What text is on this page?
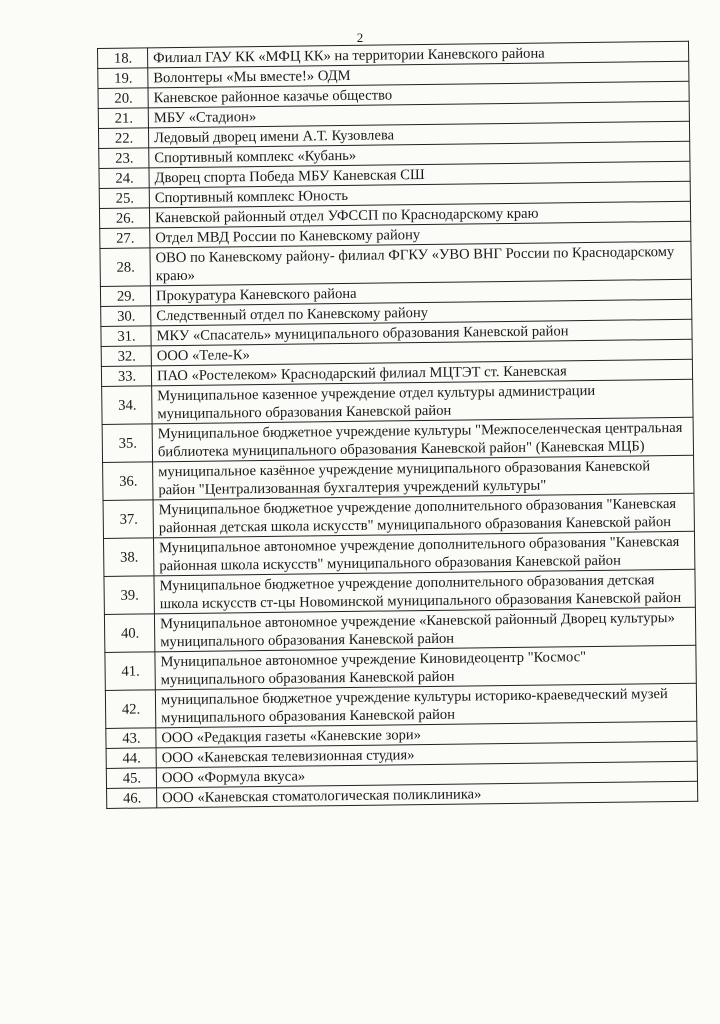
2
18.	Филиал ГАУ КК «МФЦ КК» на территории Каневского района
19.	Волонтеры «Мы вместе!» ОДМ
20.	Каневское районное казачье общество
21.	МБУ «Стадион»
22.	Ледовый дворец имени А.Т. Кузовлева
23.	Спортивный комплекс «Кубань»
24.	Дворец спорта Победа МБУ Каневская СШ
25.	Спортивный комплекс Юность
26.	Каневской районный отдел УФССП по Краснодарскому краю
27.	Отдел МВД России по Каневскому району
28.	ОВО по Каневскому району- филиал ФГКУ «УВО ВНГ России по Краснодарскому краю»
29.	Прокуратура Каневского района
30.	Следственный отдел по Каневскому району
31.	МКУ «Спасатель» муниципального образования Каневской район
32.	ООО «Теле-К»
33.	ПАО «Ростелеком» Краснодарский филиал МЦТЭТ ст. Каневская
34.	Муниципальное казенное учреждение отдел культуры администрации муниципального образования Каневской район
35.	Муниципальное бюджетное учреждение культуры "Межпоселенческая центральная библиотека муниципального образования Каневской район" (Каневская МЦБ)
36.	муниципальное казённое учреждение муниципального образования Каневской район "Централизованная бухгалтерия учреждений культуры"
37.	Муниципальное бюджетное учреждение дополнительного образования "Каневская районная детская школа искусств" муниципального образования Каневской район
38.	Муниципальное автономное учреждение дополнительного образования "Каневская районная школа искусств" муниципального образования Каневской район
39.	Муниципальное бюджетное учреждение дополнительного образования детская школа искусств ст-цы Новоминской муниципального образования Каневской район
40.	Муниципальное автономное учреждение «Каневской районный Дворец культуры» муниципального образования Каневской район
41.	Муниципальное автономное учреждение Киновидеоцентр "Космос" муниципального образования Каневской район
42.	муниципальное бюджетное учреждение культуры историко-краеведческий музей муниципального образования Каневской район
43.	ООО «Редакция газеты «Каневские зори»
44.	ООО «Каневская телевизионная студия»
45.	ООО «Формула вкуса»
46.	ООО «Каневская стоматологическая поликлиника»
